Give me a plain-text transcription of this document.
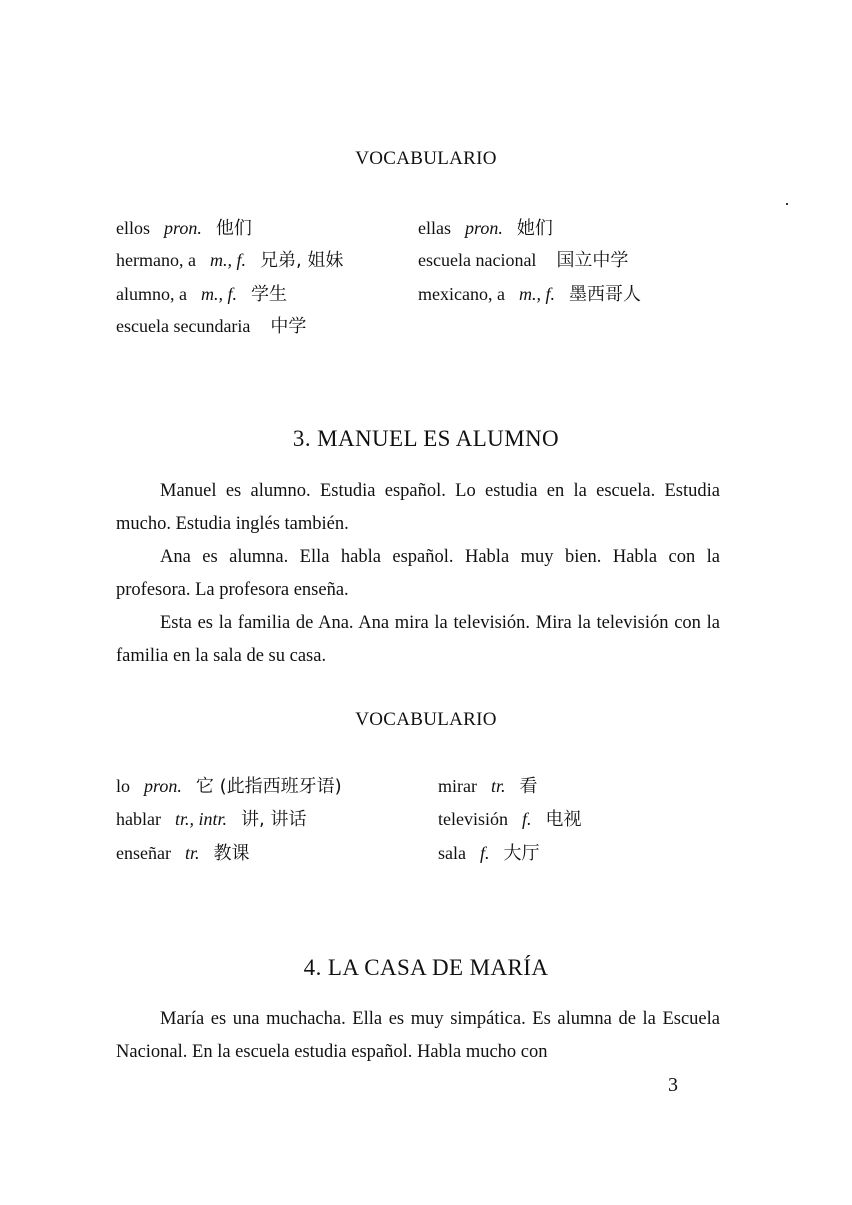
VOCABULARIO
ellos pron. 他们	ellas pron. 她们
hermano, a m., f. 兄弟, 姐妹	escuela nacional 国立中学
alumno, a m., f. 学生	mexicano, a m., f. 墨西哥人
escuela secundaria 中学
3. MANUEL ES ALUMNO

Manuel es alumno. Estudia español. Lo estudia en la escuela. Estudia mucho. Estudia inglés también.

Ana es alumna. Ella habla español. Habla muy bien. Habla con la profesora. La profesora enseña.

Esta es la familia de Ana. Ana mira la televisión. Mira la televisión con la familia en la sala de su casa.

VOCABULARIO
lo pron. 它 (此指西班牙语)	mirar tr. 看
hablar tr., intr. 讲, 讲话	televisión f. 电视
enseñar tr. 教课	sala f. 大厅
4. LA CASA DE MARÍA

María es una muchacha. Ella es muy simpática. Es alumna de la Escuela Nacional. En la escuela estudia español. Habla mucho con

3
